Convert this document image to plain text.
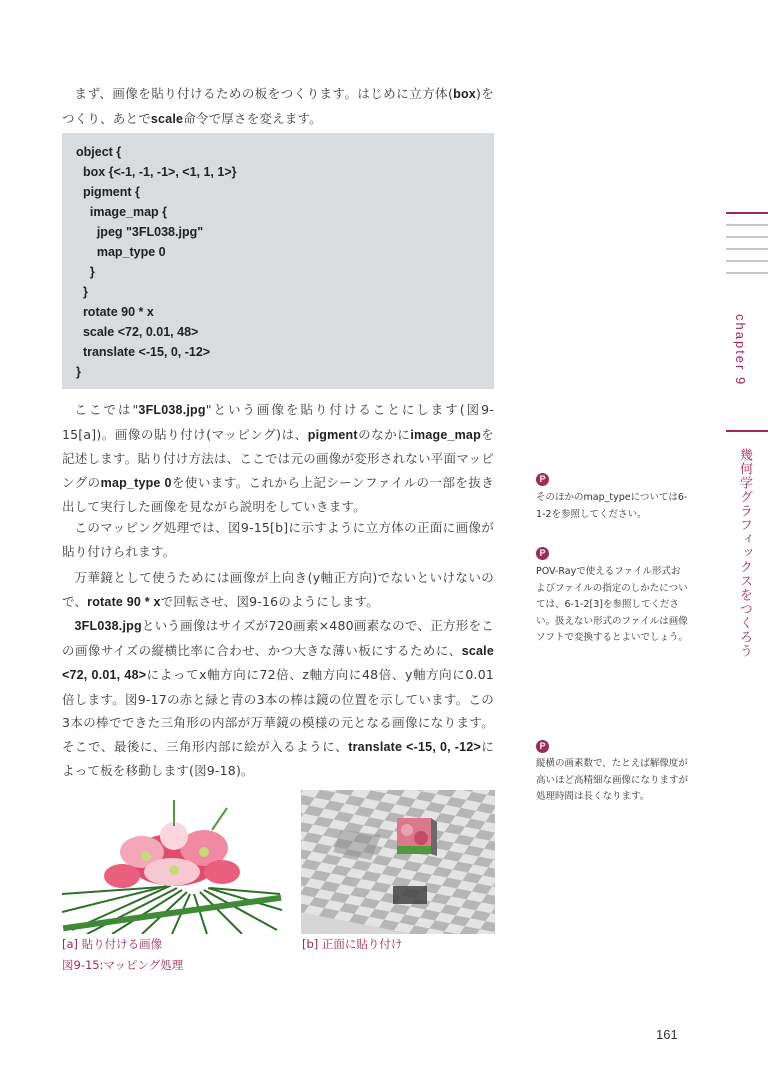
まず、画像を貼り付けるための板をつくります。はじめに立方体(box)をつくり、あとでscale命令で厚さを変えます。

object {
box {<-1, -1, -1>, <1, 1, 1>}
pigment {
image_map {
jpeg "3FL038.jpg"
map_type 0
}
}
rotate 90 * x
scale <72, 0.01, 48>
translate <-15, 0, -12>
}

ここでは"3FL038.jpg"という画像を貼り付けることにします(図9-15[a])。画像の貼り付け(マッピング)は、pigmentのなかにimage_mapを記述します。貼り付け方法は、ここでは元の画像が変形されない平面マッピングのmap_type 0を使います。これから上記シーンファイルの一部を抜き出して実行した画像を見ながら説明をしていきます。

このマッピング処理では、図9-15[b]に示すように立方体の正面に画像が貼り付けられます。

万華鏡として使うためには画像が上向き(y軸正方向)でないといけないので、rotate 90 * xで回転させ、図9-16のようにします。

3FL038.jpgという画像はサイズが720画素×480画素なので、正方形をこの画像サイズの縦横比率に合わせ、かつ大きな薄い板にするために、scale <72, 0.01, 48>によってx軸方向に72倍、z軸方向に48倍、y軸方向に0.01倍します。図9-17の赤と緑と青の3本の棒は鏡の位置を示しています。この3本の棒でできた三角形の内部が万華鏡の模様の元となる画像になります。そこで、最後に、三角形内部に絵が入るように、translate <-15, 0, -12>によって板を移動します(図9-18)。

[a] 貼り付ける画像	[b] 正面に貼り付け
図9-15:マッピング処理
P

そのほかのmap_typeについては6-1-2を参照してください。

P

POV-Rayで使えるファイル形式およびファイルの指定のしかたについては、6-1-2[3]を参照してください。扱えない形式のファイルは画像ソフトで変換するとよいでしょう。

P

縦横の画素数で、たとえば解像度が高いほど高精細な画像になりますが処理時間は長くなります。

chapter 9
幾何学グラフィックスをつくろう
161
